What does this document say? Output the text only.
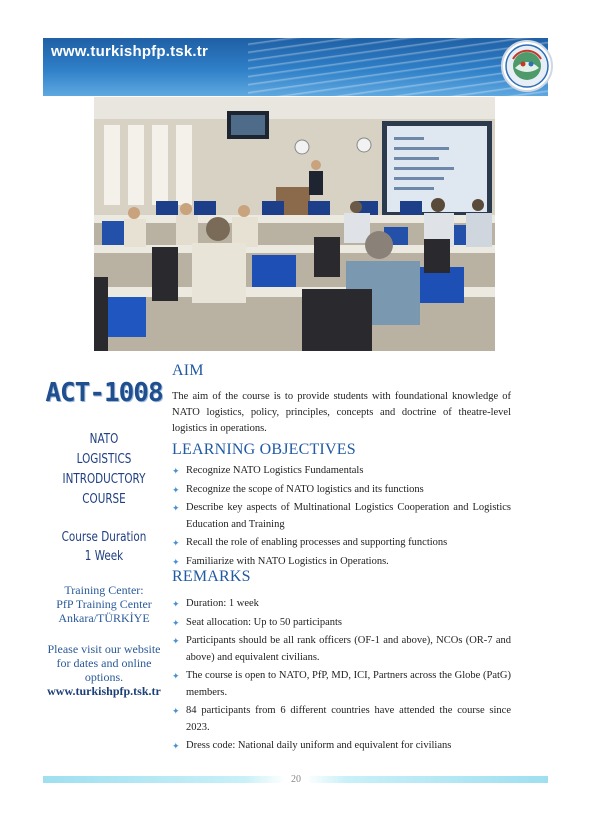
www.turkishpfp.tsk.tr
ACT-1008
NATO
LOGISTICS
INTRODUCTORY
COURSE
Course Duration
1 Week
Training Center:
PfP Training Center
Ankara/TÜRKİYE
Please visit our website
for dates and online
options.
www.turkishpfp.tsk.tr
AIM
The aim of the course is to provide students with foundational knowledge of NATO logistics, policy, principles, concepts and doctrine of theatre-level logistics in operations.
LEARNING OBJECTIVES
✦ Recognize NATO Logistics Fundamentals
✦ Recognize the scope of NATO logistics and its functions
✦ Describe key aspects of Multinational Logistics Cooperation and Logistics Education and Training
✦ Recall the role of enabling processes and supporting functions
✦ Familiarize with NATO Logistics in Operations.
REMARKS
✦ Duration: 1 week
✦ Seat allocation: Up to 50 participants
✦ Participants should be all rank officers (OF-1 and above), NCOs (OR-7 and above) and equivalent civilians.
✦ The course is open to NATO, PfP, MD, ICI, Partners across the Globe (PatG) members.
✦ 84 participants from 6 different countries have attended the course since 2023.
✦ Dress code: National daily uniform and equivalent for civilians
20
